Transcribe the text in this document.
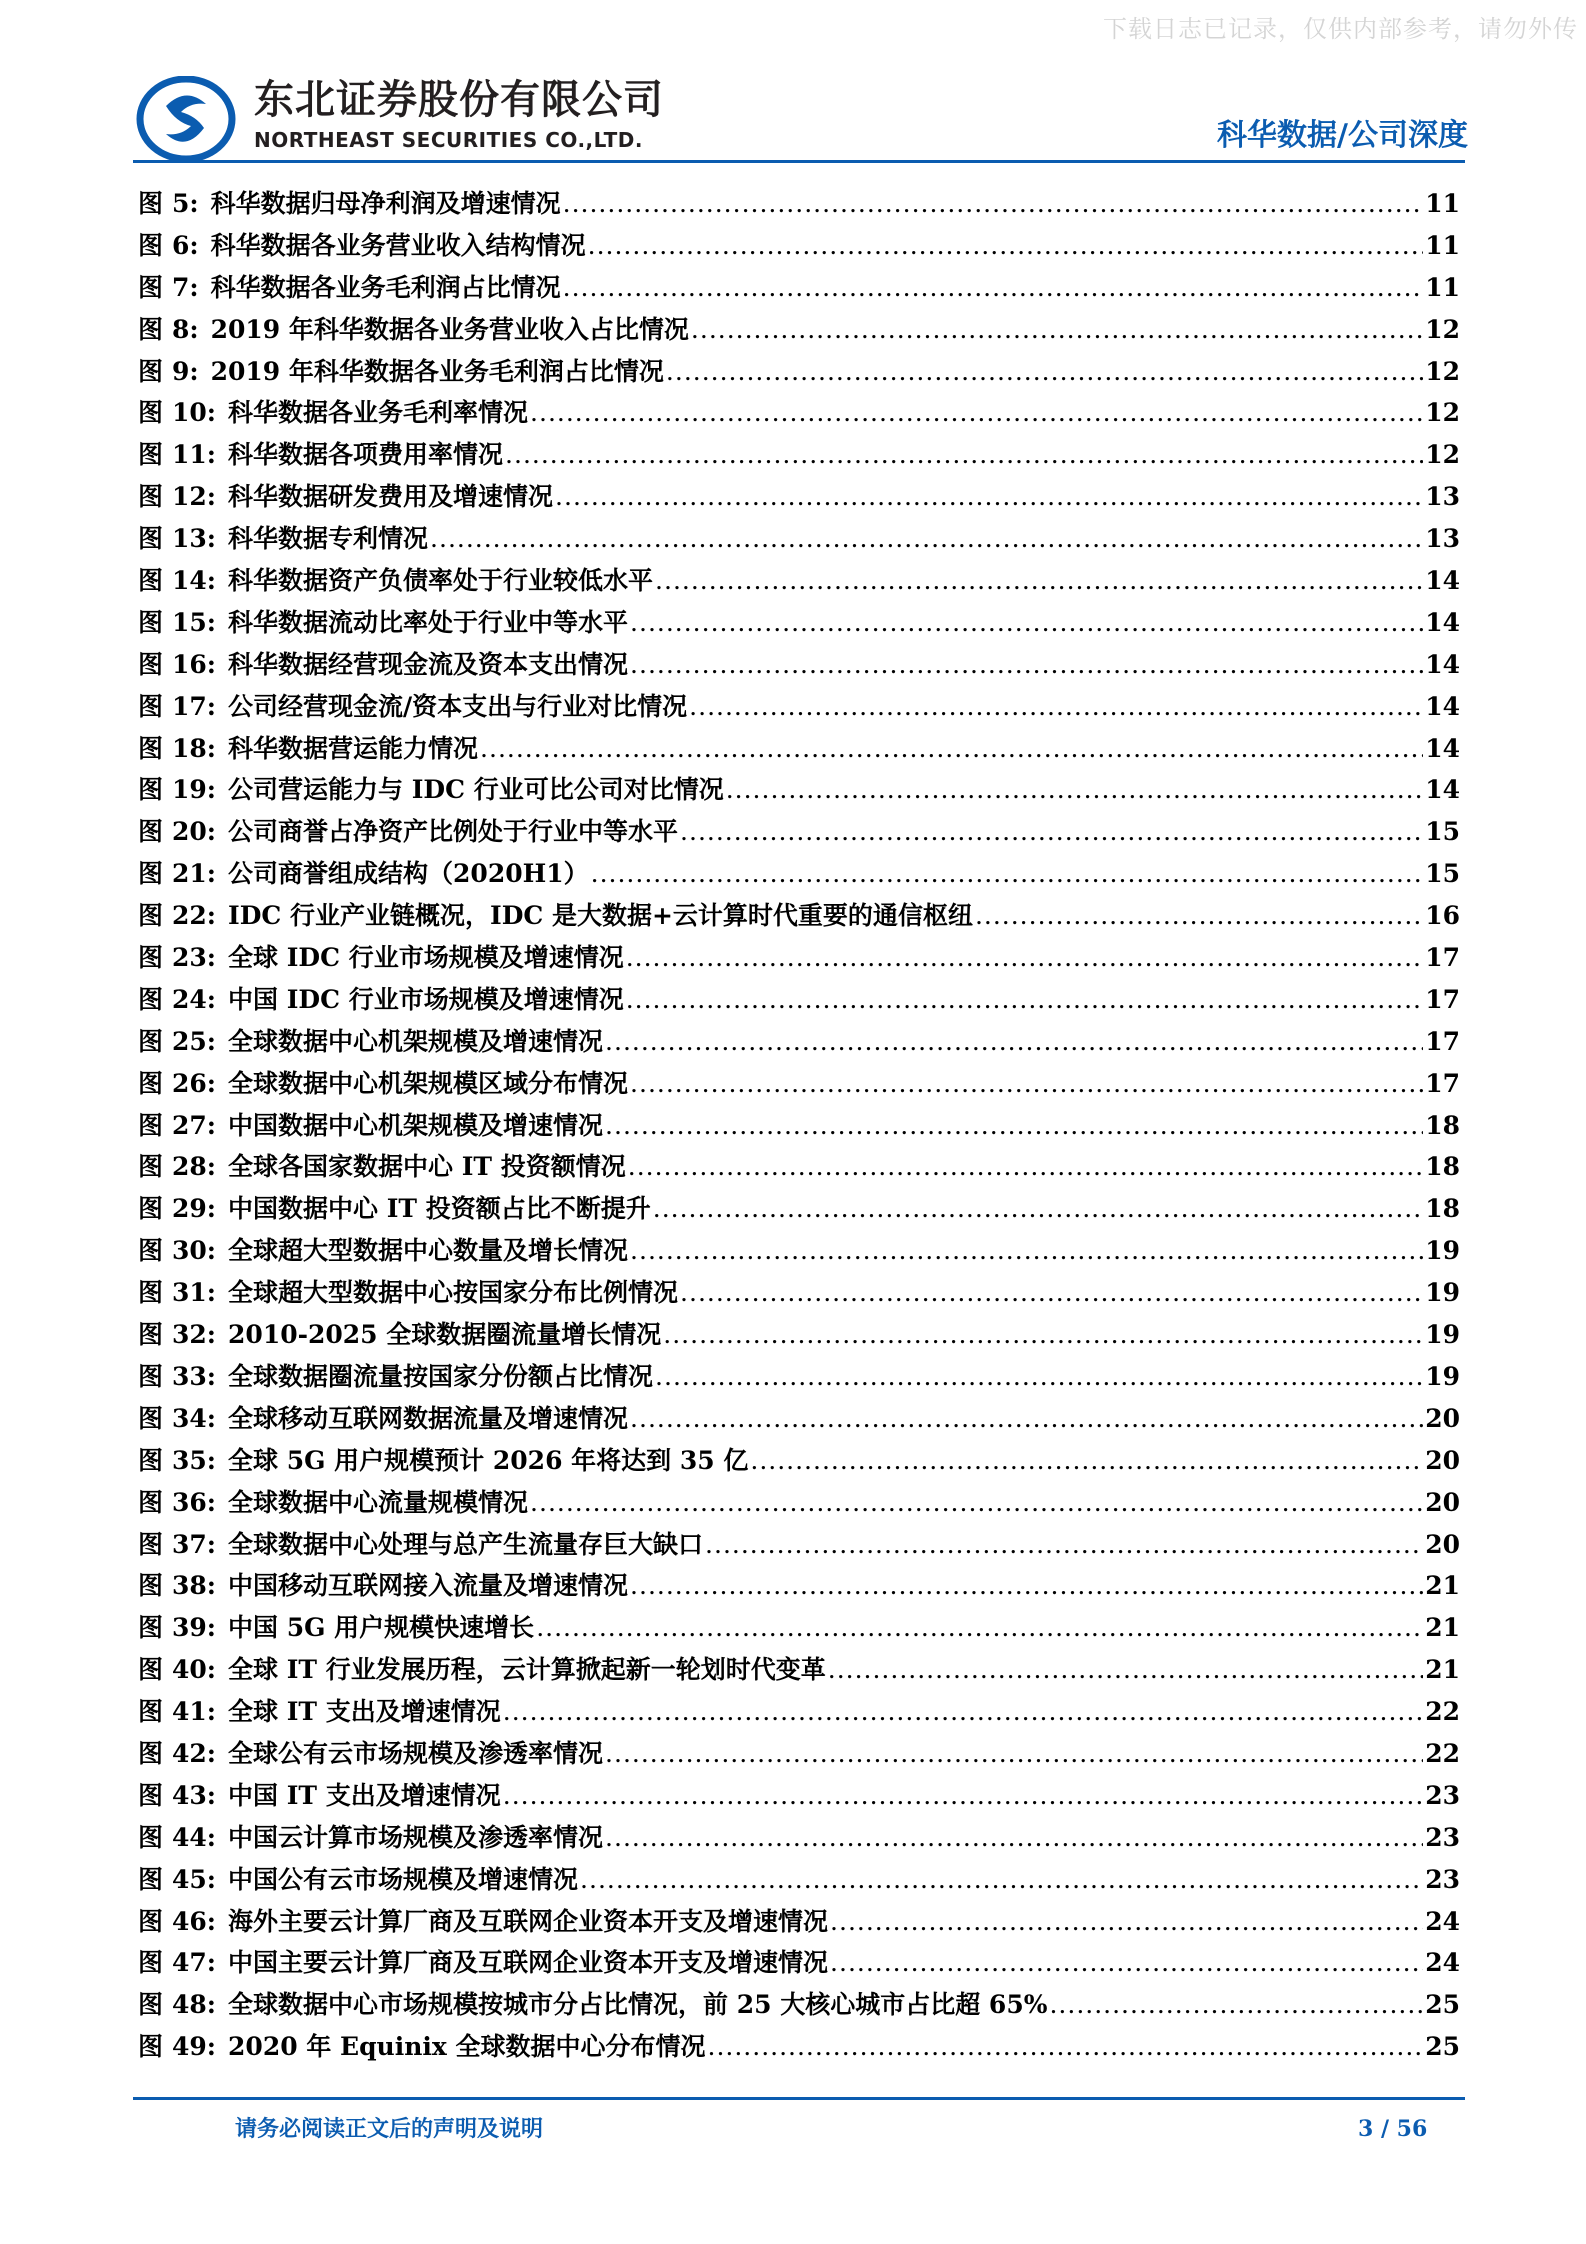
下载日志已记录，仅供内部参考，请勿外传
东北证券股份有限公司
NORTHEAST SECURITIES CO.,LTD.	科华数据/公司深度
图 5: 科华数据归母净利润及增速情况 .....	11
图 6: 科华数据各业务营业收入结构情况 .....	11
图 7: 科华数据各业务毛利润占比情况 .....	11
图 8: 2019 年科华数据各业务营业收入占比情况 .....	12
图 9: 2019 年科华数据各业务毛利润占比情况 .....	12
图 10: 科华数据各业务毛利率情况 .....	12
图 11: 科华数据各项费用率情况 .....	12
图 12: 科华数据研发费用及增速情况 .....	13
图 13: 科华数据专利情况 .....	13
图 14: 科华数据资产负债率处于行业较低水平 .....	14
图 15: 科华数据流动比率处于行业中等水平 .....	14
图 16: 科华数据经营现金流及资本支出情况 .....	14
图 17: 公司经营现金流/资本支出与行业对比情况 .....	14
图 18: 科华数据营运能力情况 .....	14
图 19: 公司营运能力与 IDC 行业可比公司对比情况 .....	14
图 20: 公司商誉占净资产比例处于行业中等水平 .....	15
图 21: 公司商誉组成结构（2020H1） .....	15
图 22: IDC 行业产业链概况，IDC 是大数据+云计算时代重要的通信枢纽 .....	16
图 23: 全球 IDC 行业市场规模及增速情况 .....	17
图 24: 中国 IDC 行业市场规模及增速情况 .....	17
图 25: 全球数据中心机架规模及增速情况 .....	17
图 26: 全球数据中心机架规模区域分布情况 .....	17
图 27: 中国数据中心机架规模及增速情况 .....	18
图 28: 全球各国家数据中心 IT 投资额情况 .....	18
图 29: 中国数据中心 IT 投资额占比不断提升 .....	18
图 30: 全球超大型数据中心数量及增长情况 .....	19
图 31: 全球超大型数据中心按国家分布比例情况 .....	19
图 32: 2010-2025 全球数据圈流量增长情况 .....	19
图 33: 全球数据圈流量按国家分份额占比情况 .....	19
图 34: 全球移动互联网数据流量及增速情况 .....	20
图 35: 全球 5G 用户规模预计 2026 年将达到 35 亿 .....	20
图 36: 全球数据中心流量规模情况 .....	20
图 37: 全球数据中心处理与总产生流量存巨大缺口 .....	20
图 38: 中国移动互联网接入流量及增速情况 .....	21
图 39: 中国 5G 用户规模快速增长 .....	21
图 40: 全球 IT 行业发展历程，云计算掀起新一轮划时代变革 .....	21
图 41: 全球 IT 支出及增速情况 .....	22
图 42: 全球公有云市场规模及渗透率情况 .....	22
图 43: 中国 IT 支出及增速情况 .....	23
图 44: 中国云计算市场规模及渗透率情况 .....	23
图 45: 中国公有云市场规模及增速情况 .....	23
图 46: 海外主要云计算厂商及互联网企业资本开支及增速情况 .....	24
图 47: 中国主要云计算厂商及互联网企业资本开支及增速情况 .....	24
图 48: 全球数据中心市场规模按城市分占比情况，前 25 大核心城市占比超 65% .....	25
图 49: 2020 年 Equinix 全球数据中心分布情况 .....	25
请务必阅读正文后的声明及说明	3 / 56
